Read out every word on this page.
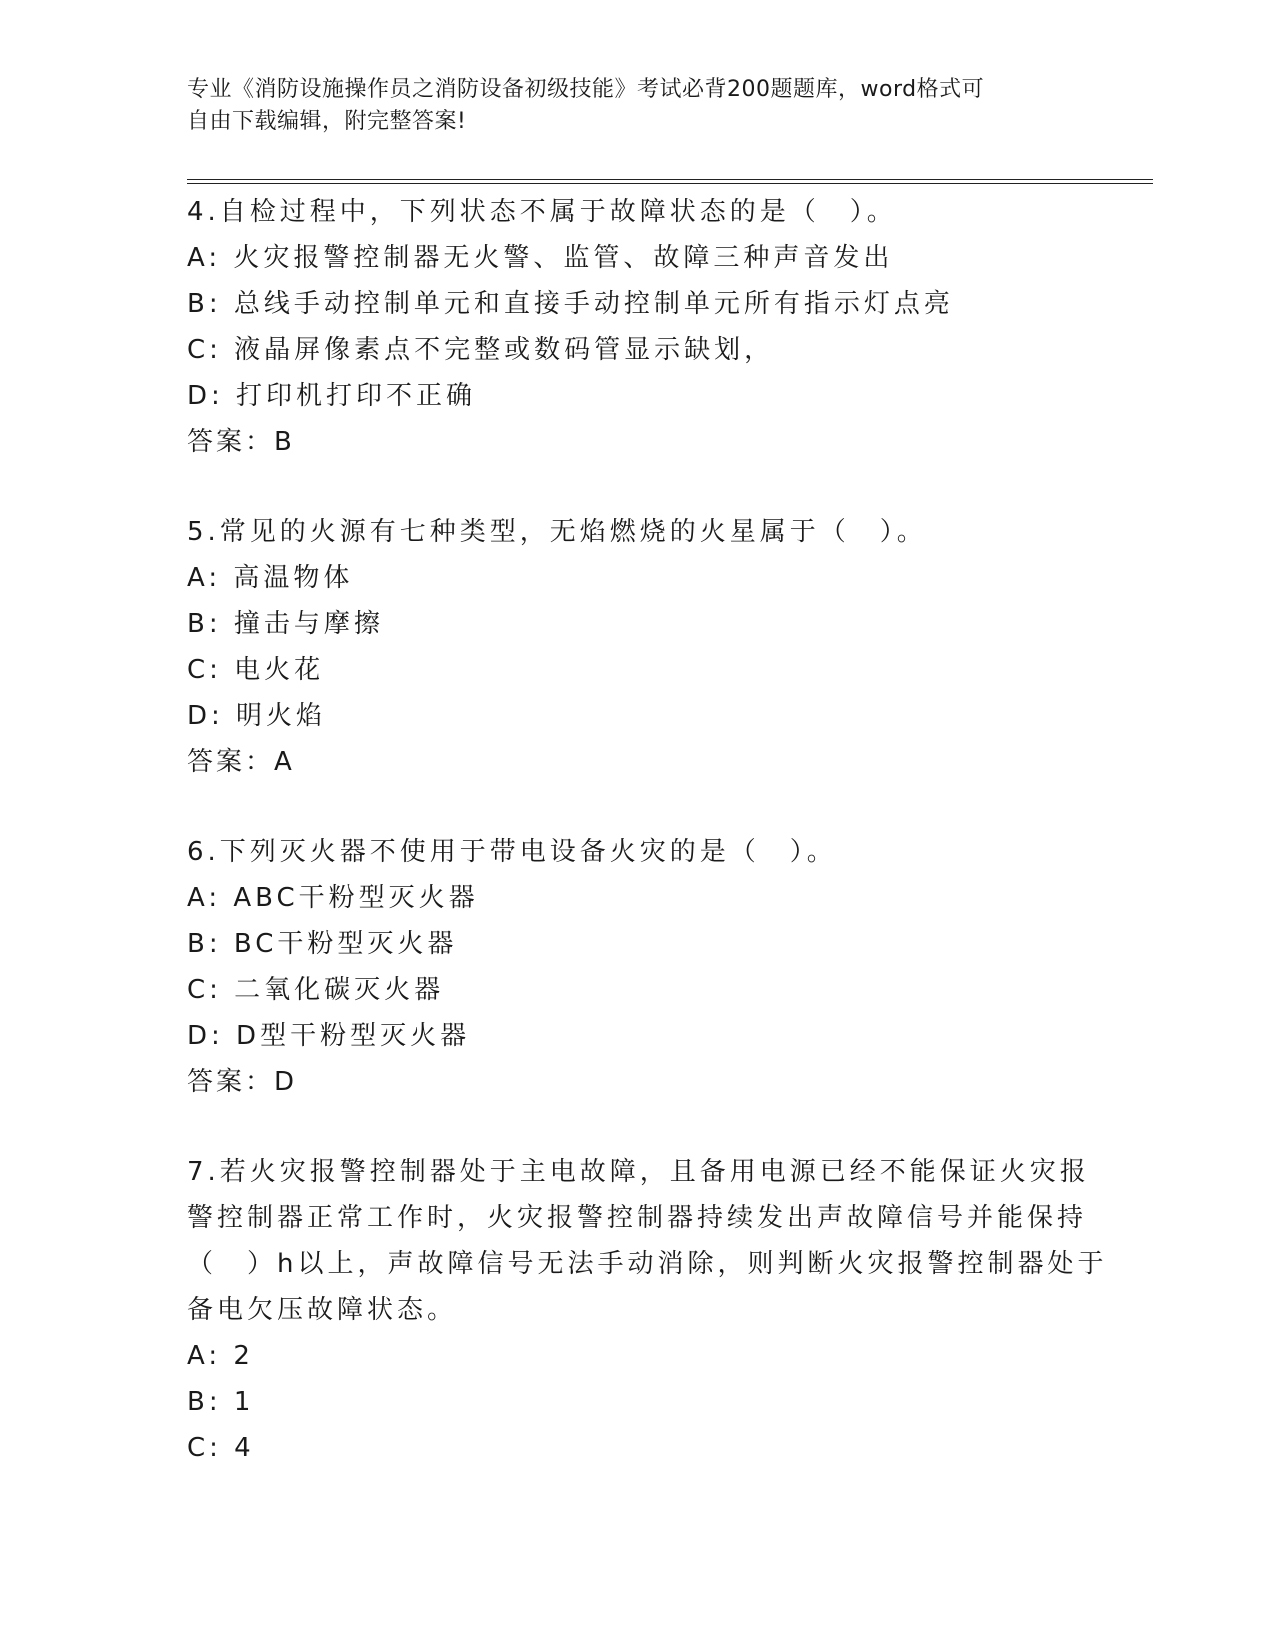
专业《消防设施操作员之消防设备初级技能》考试必背200题题库，word格式可
自由下载编辑，附完整答案!
4.自检过程中，下列状态不属于故障状态的是（　）。
A: 火灾报警控制器无火警、监管、故障三种声音发出
B: 总线手动控制单元和直接手动控制单元所有指示灯点亮
C: 液晶屏像素点不完整或数码管显示缺划，
D: 打印机打印不正确
答案：B
5.常见的火源有七种类型，无焰燃烧的火星属于（　）。
A: 高温物体
B: 撞击与摩擦
C: 电火花
D: 明火焰
答案：A
6.下列灭火器不使用于带电设备火灾的是（　）。
A: ABC干粉型灭火器
B: BC干粉型灭火器
C: 二氧化碳灭火器
D: D型干粉型灭火器
答案：D
7.若火灾报警控制器处于主电故障，且备用电源已经不能保证火灾报
警控制器正常工作时，火灾报警控制器持续发出声故障信号并能保持
（　）h以上，声故障信号无法手动消除，则判断火灾报警控制器处于
备电欠压故障状态。
A: 2
B: 1
C: 4
